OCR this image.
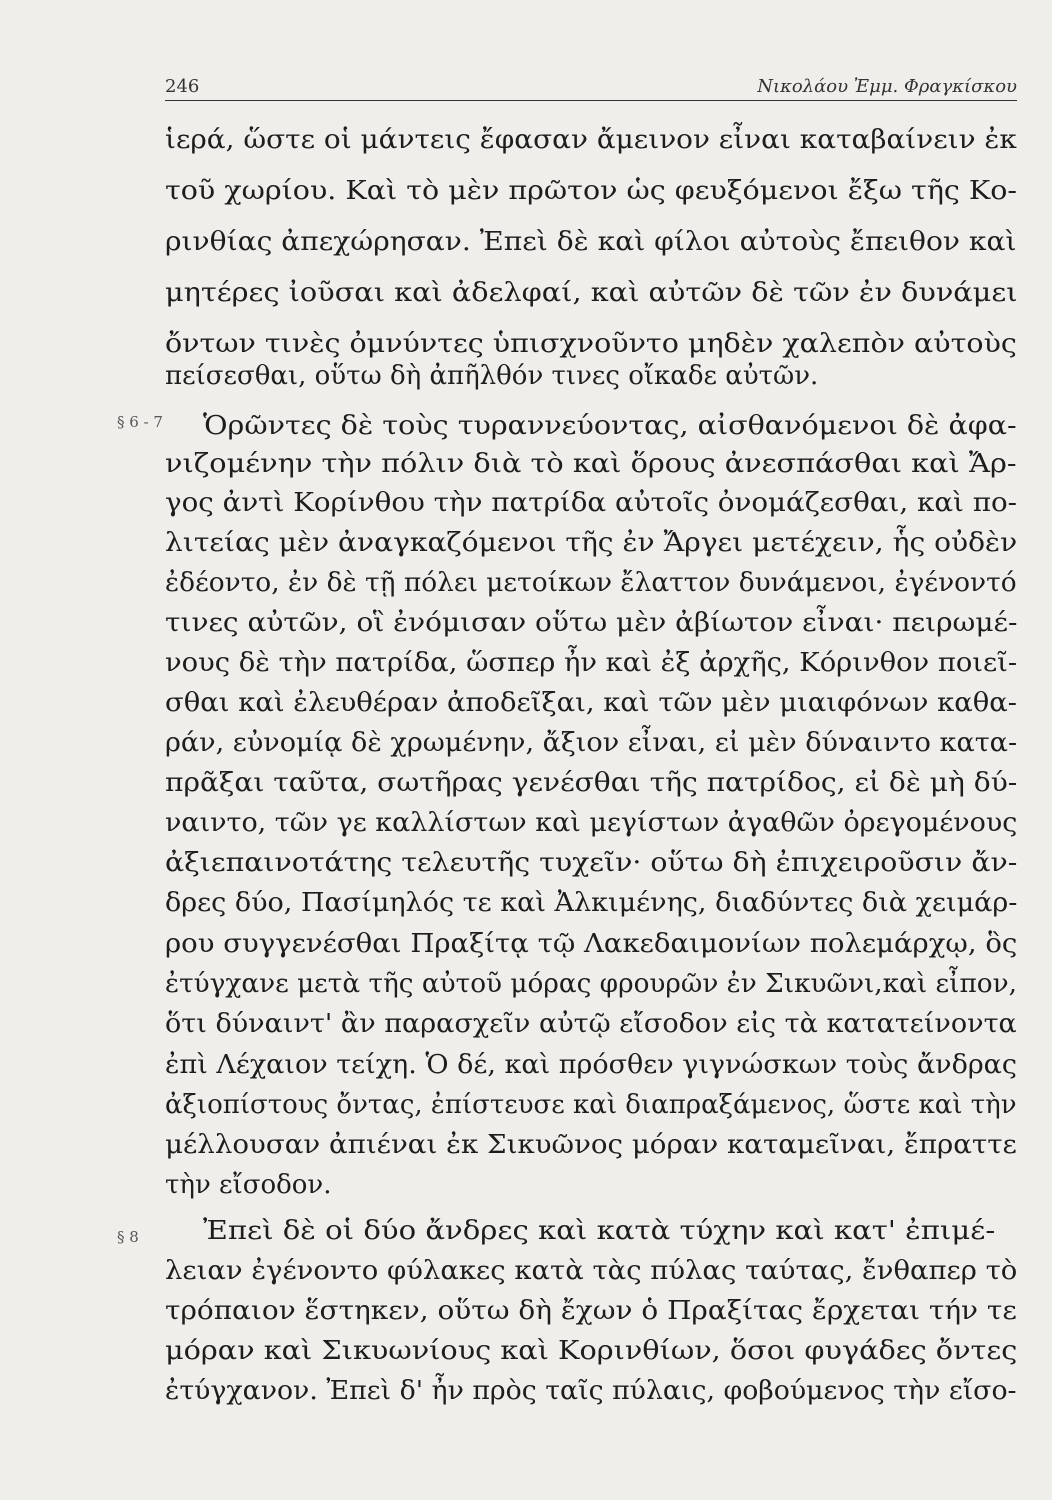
246	Νικολάου Ἐμμ. Φραγκίσκου
§ 6 - 7
§ 8
ἱερά, ὥστε οἱ μάντεις ἔφασαν ἄμεινον εἶναι καταβαίνειν ἐκ
τοῦ χωρίου. Καὶ τὸ μὲν πρῶτον ὡς φευξόμενοι ἔξω τῆς Κο-
ρινθίας ἀπεχώρησαν. Ἐπεὶ δὲ καὶ φίλοι αὐτοὺς ἔπειθον καὶ
μητέρες ἰοῦσαι καὶ ἀδελφαί, καὶ αὐτῶν δὲ τῶν ἐν δυνάμει
ὄντων τινὲς ὀμνύντες ὑπισχνοῦντο μηδὲν χαλεπὸν αὐτοὺς
πείσεσθαι, οὕτω δὴ ἀπῆλθόν τινες οἴκαδε αὐτῶν.
Ὁρῶντες δὲ τοὺς τυραννεύοντας, αἰσθανόμενοι δὲ ἀφα-
νιζομένην τὴν πόλιν διὰ τὸ καὶ ὅρους ἀνεσπάσθαι καὶ Ἄρ-
γος ἀντὶ Κορίνθου τὴν πατρίδα αὐτοῖς ὀνομάζεσθαι, καὶ πο-
λιτείας μὲν ἀναγκαζόμενοι τῆς ἐν Ἄργει μετέχειν, ἧς οὐδὲν
ἐδέοντο, ἐν δὲ τῇ πόλει μετοίκων ἔλαττον δυνάμενοι, ἐγένοντό
τινες αὐτῶν, οἳ ἐνόμισαν οὕτω μὲν ἀβίωτον εἶναι· πειρωμέ-
νους δὲ τὴν πατρίδα, ὥσπερ ἦν καὶ ἐξ ἀρχῆς, Κόρινθον ποιεῖ-
σθαι καὶ ἐλευθέραν ἀποδεῖξαι, καὶ τῶν μὲν μιαιφόνων καθα-
ράν, εὐνομίᾳ δὲ χρωμένην, ἄξιον εἶναι, εἰ μὲν δύναιντο κατα-
πρᾶξαι ταῦτα, σωτῆρας γενέσθαι τῆς πατρίδος, εἰ δὲ μὴ δύ-
ναιντο, τῶν γε καλλίστων καὶ μεγίστων ἀγαθῶν ὀρεγομένους
ἀξιεπαινοτάτης τελευτῆς τυχεῖν· οὕτω δὴ ἐπιχειροῦσιν ἄν-
δρες δύο, Πασίμηλός τε καὶ Ἀλκιμένης, διαδύντες διὰ χειμάρ-
ρου συγγενέσθαι Πραξίτᾳ τῷ Λακεδαιμονίων πολεμάρχῳ, ὃς
ἐτύγχανε μετὰ τῆς αὐτοῦ μόρας φρουρῶν ἐν Σικυῶνι,καὶ εἶπον,
ὅτι δύναιντ' ἂν παρασχεῖν αὐτῷ εἴσοδον εἰς τὰ κατατείνοντα
ἐπὶ Λέχαιον τείχη. Ὁ δέ, καὶ πρόσθεν γιγνώσκων τοὺς ἄνδρας
ἀξιοπίστους ὄντας, ἐπίστευσε καὶ διαπραξάμενος, ὥστε καὶ τὴν
μέλλουσαν ἀπιέναι ἐκ Σικυῶνος μόραν καταμεῖναι, ἔπραττε
τὴν εἴσοδον.
Ἐπεὶ δὲ οἱ δύο ἄνδρες καὶ κατὰ τύχην καὶ κατ' ἐπιμέ-
λειαν ἐγένοντο φύλακες κατὰ τὰς πύλας ταύτας, ἔνθαπερ τὸ
τρόπαιον ἕστηκεν, οὕτω δὴ ἔχων ὁ Πραξίτας ἔρχεται τήν τε
μόραν καὶ Σικυωνίους καὶ Κορινθίων, ὅσοι φυγάδες ὄντες
ἐτύγχανον. Ἐπεὶ δ' ἦν πρὸς ταῖς πύλαις, φοβούμενος τὴν εἴσο-
